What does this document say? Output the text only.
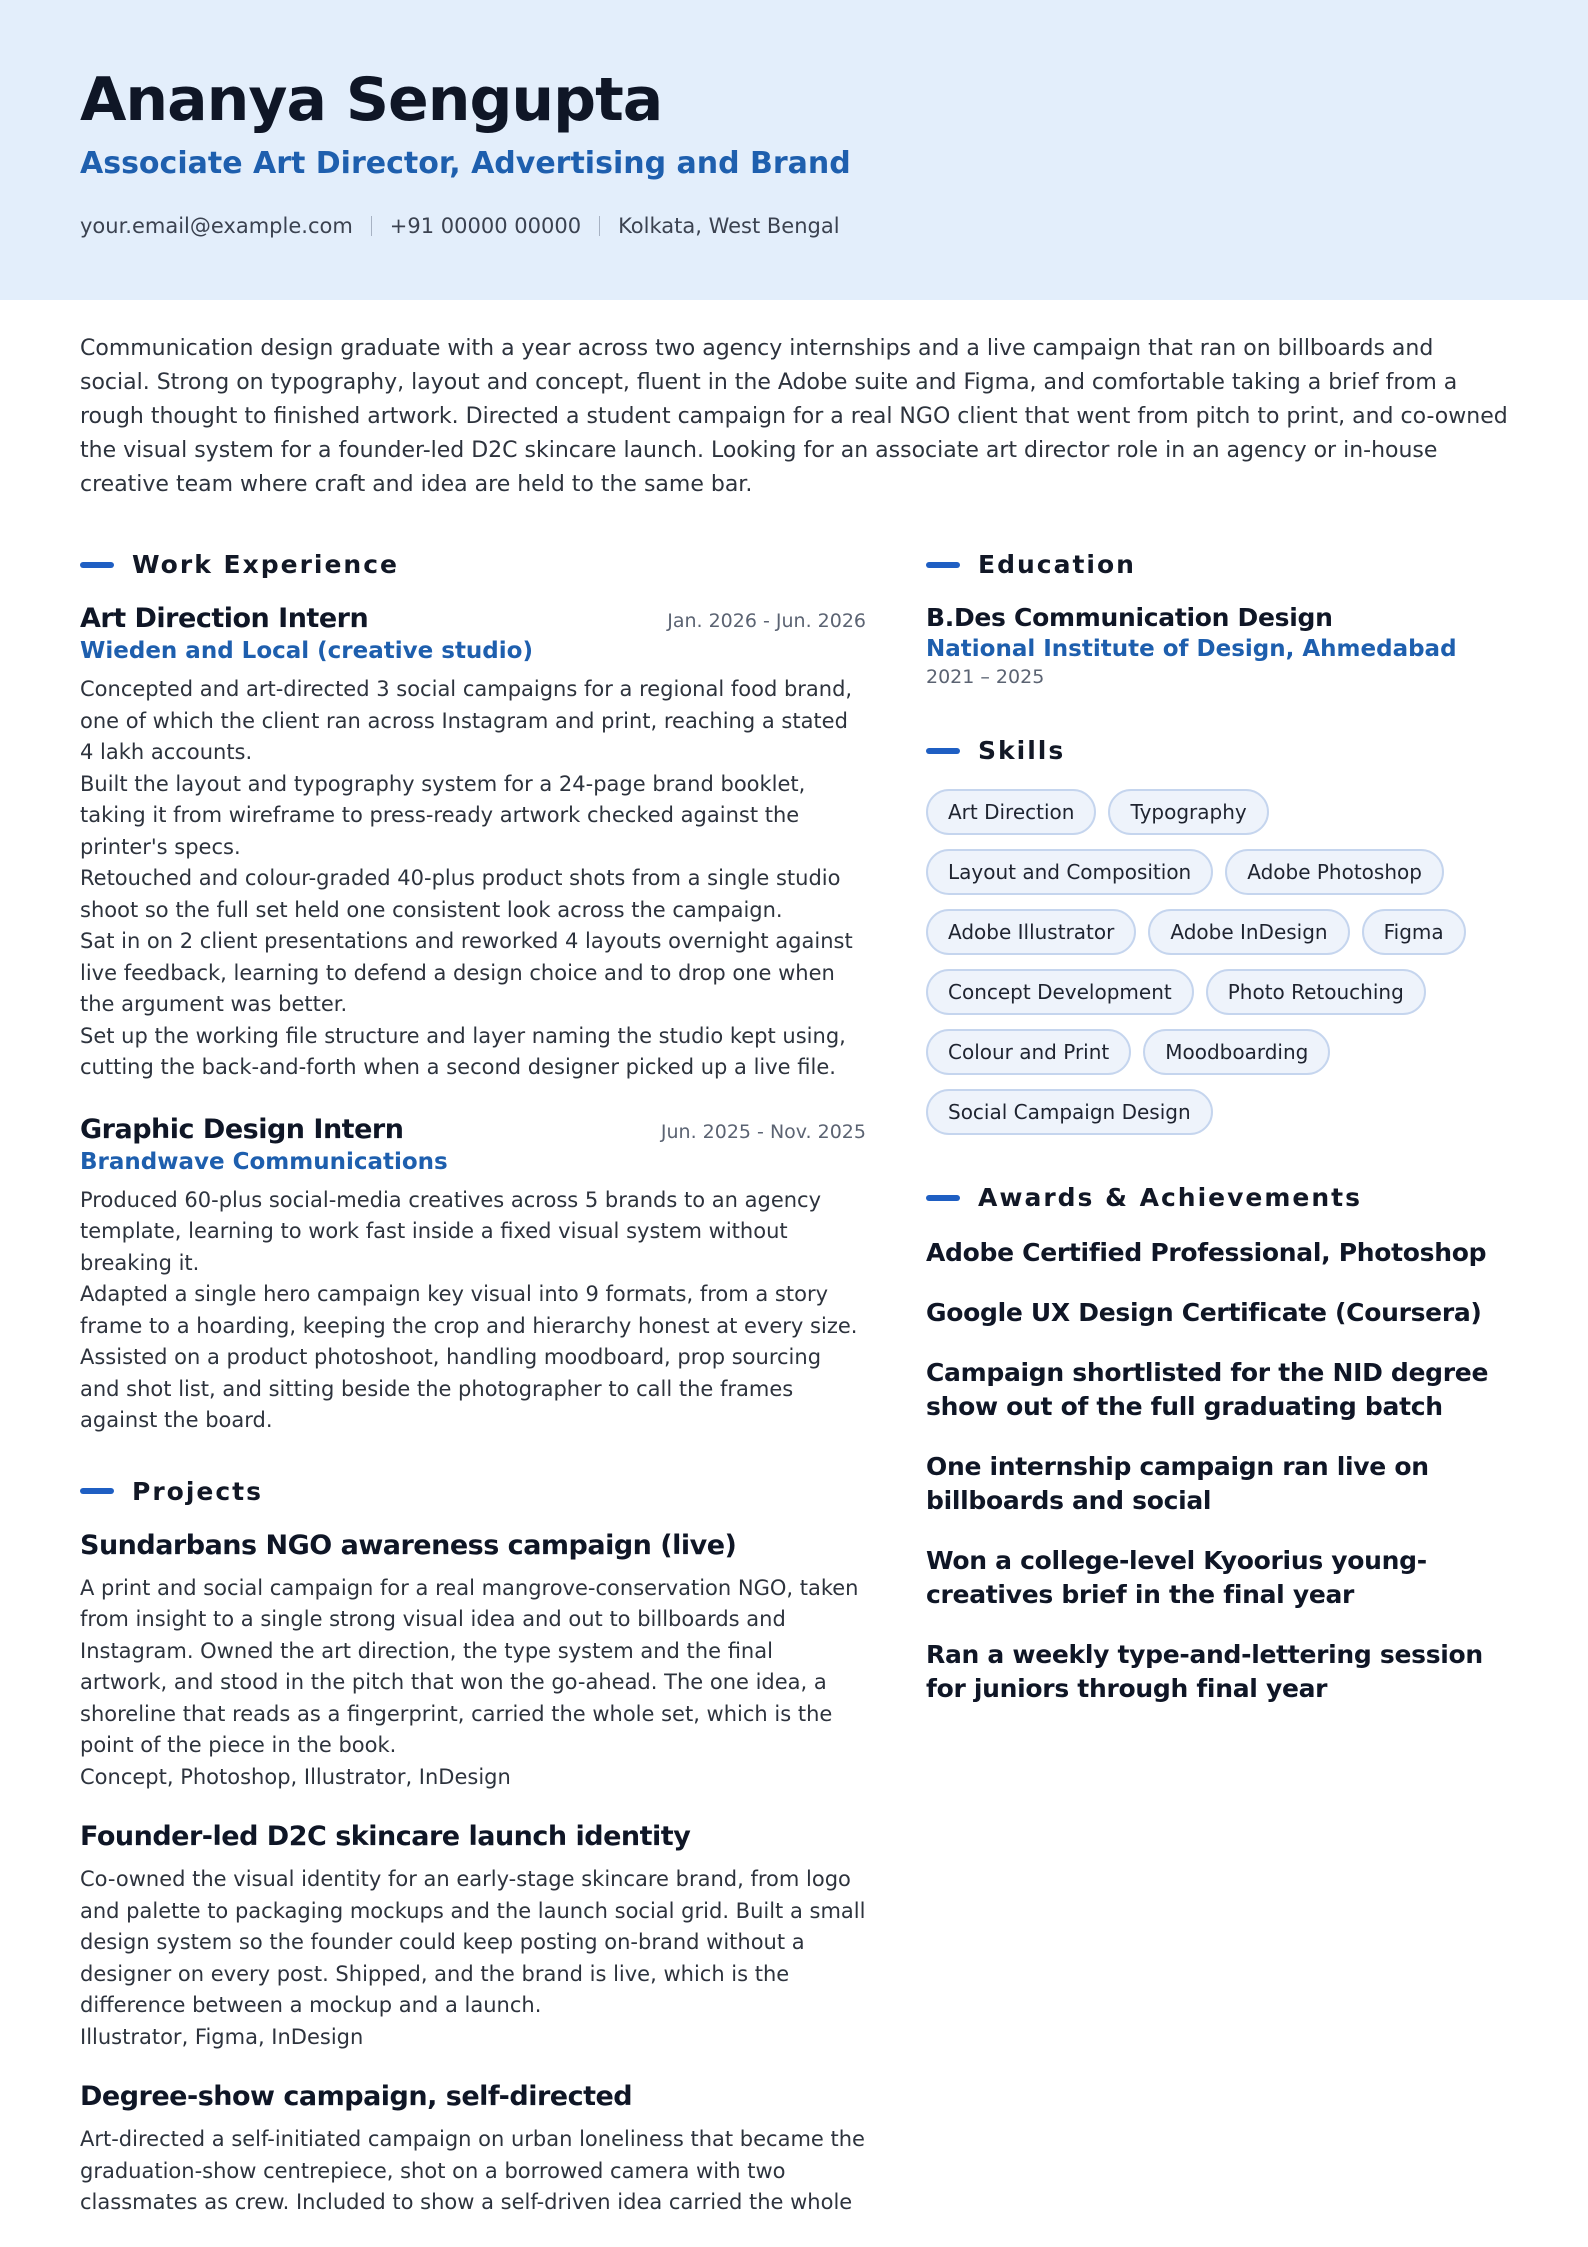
Ananya Sengupta
Associate Art Director, Advertising and Brand
your.email@example.com +91 00000 00000 Kolkata, West Bengal

Communication design graduate with a year across two agency internships and a live campaign that ran on billboards and social. Strong on typography, layout and concept, fluent in the Adobe suite and Figma, and comfortable taking a brief from a rough thought to finished artwork. Directed a student campaign for a real NGO client that went from pitch to print, and co-owned the visual system for a founder-led D2C skincare launch. Looking for an associate art director role in an agency or in-house creative team where craft and idea are held to the same bar.

Work Experience
Art Direction Intern	Jan. 2026 - Jun. 2026
Wieden and Local (creative studio)

Concepted and art-directed 3 social campaigns for a regional food brand, one of which the client ran across Instagram and print, reaching a stated 4 lakh accounts.

Built the layout and typography system for a 24-page brand booklet, taking it from wireframe to press-ready artwork checked against the printer's specs.

Retouched and colour-graded 40-plus product shots from a single studio shoot so the full set held one consistent look across the campaign.

Sat in on 2 client presentations and reworked 4 layouts overnight against live feedback, learning to defend a design choice and to drop one when the argument was better.

Set up the working file structure and layer naming the studio kept using, cutting the back-and-forth when a second designer picked up a live file.

Graphic Design Intern	Jun. 2025 - Nov. 2025
Brandwave Communications

Produced 60-plus social-media creatives across 5 brands to an agency template, learning to work fast inside a fixed visual system without breaking it.

Adapted a single hero campaign key visual into 9 formats, from a story frame to a hoarding, keeping the crop and hierarchy honest at every size.

Assisted on a product photoshoot, handling moodboard, prop sourcing and shot list, and sitting beside the photographer to call the frames against the board.

Projects
Sundarbans NGO awareness campaign (live)

A print and social campaign for a real mangrove-conservation NGO, taken from insight to a single strong visual idea and out to billboards and Instagram. Owned the art direction, the type system and the final artwork, and stood in the pitch that won the go-ahead. The one idea, a shoreline that reads as a fingerprint, carried the whole set, which is the point of the piece in the book.

Concept, Photoshop, Illustrator, InDesign

Founder-led D2C skincare launch identity

Co-owned the visual identity for an early-stage skincare brand, from logo and palette to packaging mockups and the launch social grid. Built a small design system so the founder could keep posting on-brand without a designer on every post. Shipped, and the brand is live, which is the difference between a mockup and a launch.

Illustrator, Figma, InDesign

Degree-show campaign, self-directed

Art-directed a self-initiated campaign on urban loneliness that became the graduation-show centrepiece, shot on a borrowed camera with two classmates as crew. Included to show a self-driven idea carried the whole

Education
B.Des Communication Design
National Institute of Design, Ahmedabad
2021 – 2025
Skills
Art Direction	Typography
Layout and Composition	Adobe Photoshop
Adobe Illustrator	Adobe InDesign	Figma
Concept Development	Photo Retouching
Colour and Print	Moodboarding
Social Campaign Design
Awards & Achievements
Adobe Certified Professional, Photoshop
Google UX Design Certificate (Coursera)
Campaign shortlisted for the NID degree show out of the full graduating batch
One internship campaign ran live on billboards and social
Won a college-level Kyoorius young-creatives brief in the final year
Ran a weekly type-and-lettering session for juniors through final year
